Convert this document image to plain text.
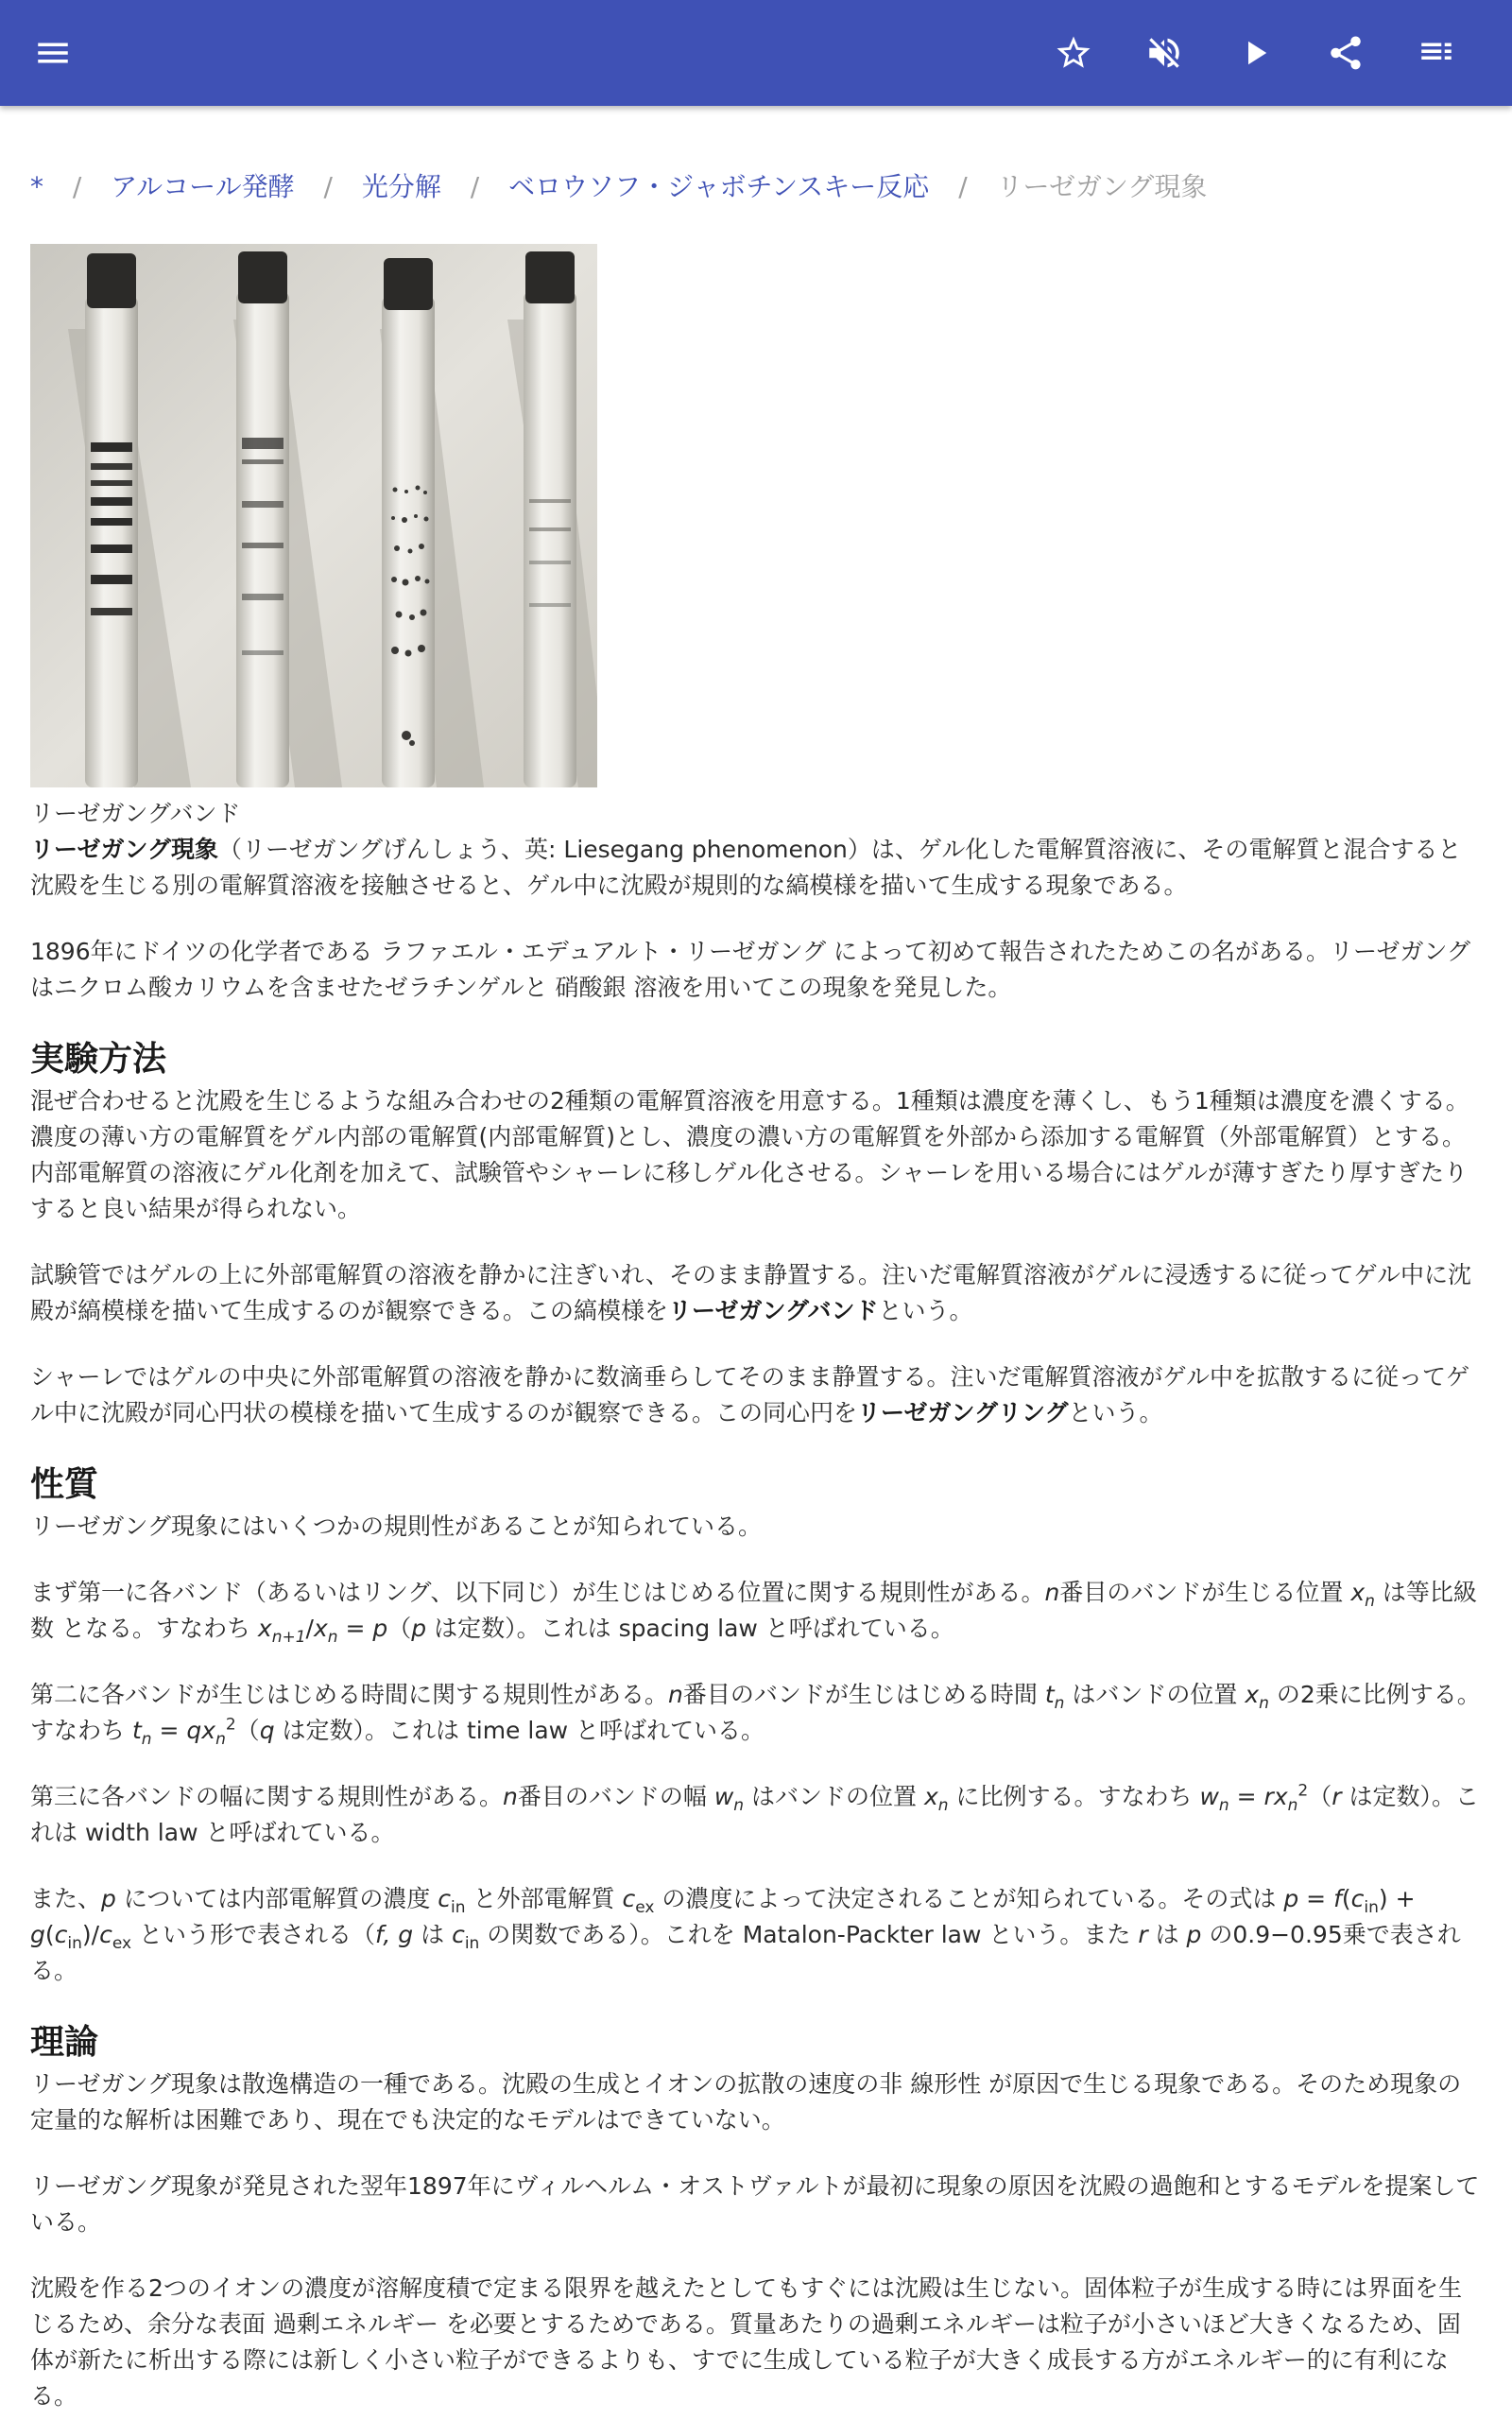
* / アルコール発酵 / 光分解 / ベロウソフ・ジャボチンスキー反応 / リーゼガング現象
リーゼガングバンド

リーゼガング現象（リーゼガングげんしょう、英: Liesegang phenomenon）は、ゲル化した電解質溶液に、その電解質と混合すると沈殿を生じる別の電解質溶液を接触させると、ゲル中に沈殿が規則的な縞模様を描いて生成する現象である。

1896年にドイツの化学者である ラファエル・エデュアルト・リーゼガング によって初めて報告されたためこの名がある。リーゼガングはニクロム酸カリウムを含ませたゼラチンゲルと 硝酸銀 溶液を用いてこの現象を発見した。

実験方法

混ぜ合わせると沈殿を生じるような組み合わせの2種類の電解質溶液を用意する。1種類は濃度を薄くし、もう1種類は濃度を濃くする。濃度の薄い方の電解質をゲル内部の電解質(内部電解質)とし、濃度の濃い方の電解質を外部から添加する電解質（外部電解質）とする。内部電解質の溶液にゲル化剤を加えて、試験管やシャーレに移しゲル化させる。シャーレを用いる場合にはゲルが薄すぎたり厚すぎたりすると良い結果が得られない。

試験管ではゲルの上に外部電解質の溶液を静かに注ぎいれ、そのまま静置する。注いだ電解質溶液がゲルに浸透するに従ってゲル中に沈殿が縞模様を描いて生成するのが観察できる。この縞模様をリーゼガングバンドという。

シャーレではゲルの中央に外部電解質の溶液を静かに数滴垂らしてそのまま静置する。注いだ電解質溶液がゲル中を拡散するに従ってゲル中に沈殿が同心円状の模様を描いて生成するのが観察できる。この同心円をリーゼガングリングという。

性質

リーゼガング現象にはいくつかの規則性があることが知られている。

まず第一に各バンド（あるいはリング、以下同じ）が生じはじめる位置に関する規則性がある。n番目のバンドが生じる位置 $x_n$ は等比級数 となる。すなわち $x_{n+1}/x_n = p(p$ は定数）。これは spacing law と呼ばれている。

第二に各バンドが生じはじめる時間に関する規則性がある。n番目のバンドが生じはじめる時間 $t_n$ はバンドの位置 $x_n$ の2乗に比例する。すなわち $t_n = qx_n^2(q$ は定数）。これは time law と呼ばれている。

第三に各バンドの幅に関する規則性がある。n番目のバンドの幅 $w_n$ はバンドの位置 $x_n$ に比例する。すなわち $w_n = rx_n^2(r$ は定数）。これは width law と呼ばれている。

また、p については内部電解質の濃度 $c_{in}$ と外部電解質 $c_{ex}$ の濃度によって決定されることが知られている。その式は $p = f(c_{in}) + g(c_{in})/c_{ex}$ という形で表される（f, g は $c_{in}$ の関数である）。これを Matalon-Packter law という。また r は p の0.9−0.95乗で表される。

理論

リーゼガング現象は散逸構造の一種である。沈殿の生成とイオンの拡散の速度の非 線形性 が原因で生じる現象である。そのため現象の定量的な解析は困難であり、現在でも決定的なモデルはできていない。

リーゼガング現象が発見された翌年1897年にヴィルヘルム・オストヴァルトが最初に現象の原因を沈殿の過飽和とするモデルを提案している。

沈殿を作る2つのイオンの濃度が溶解度積で定まる限界を越えたとしてもすぐには沈殿は生じない。固体粒子が生成する時には界面を生じるため、余分な表面 過剰エネルギー を必要とするためである。質量あたりの過剰エネルギーは粒子が小さいほど大きくなるため、固体が新たに析出する際には新しく小さい粒子ができるよりも、すでに生成している粒子が大きく成長する方がエネルギー的に有利になる。
